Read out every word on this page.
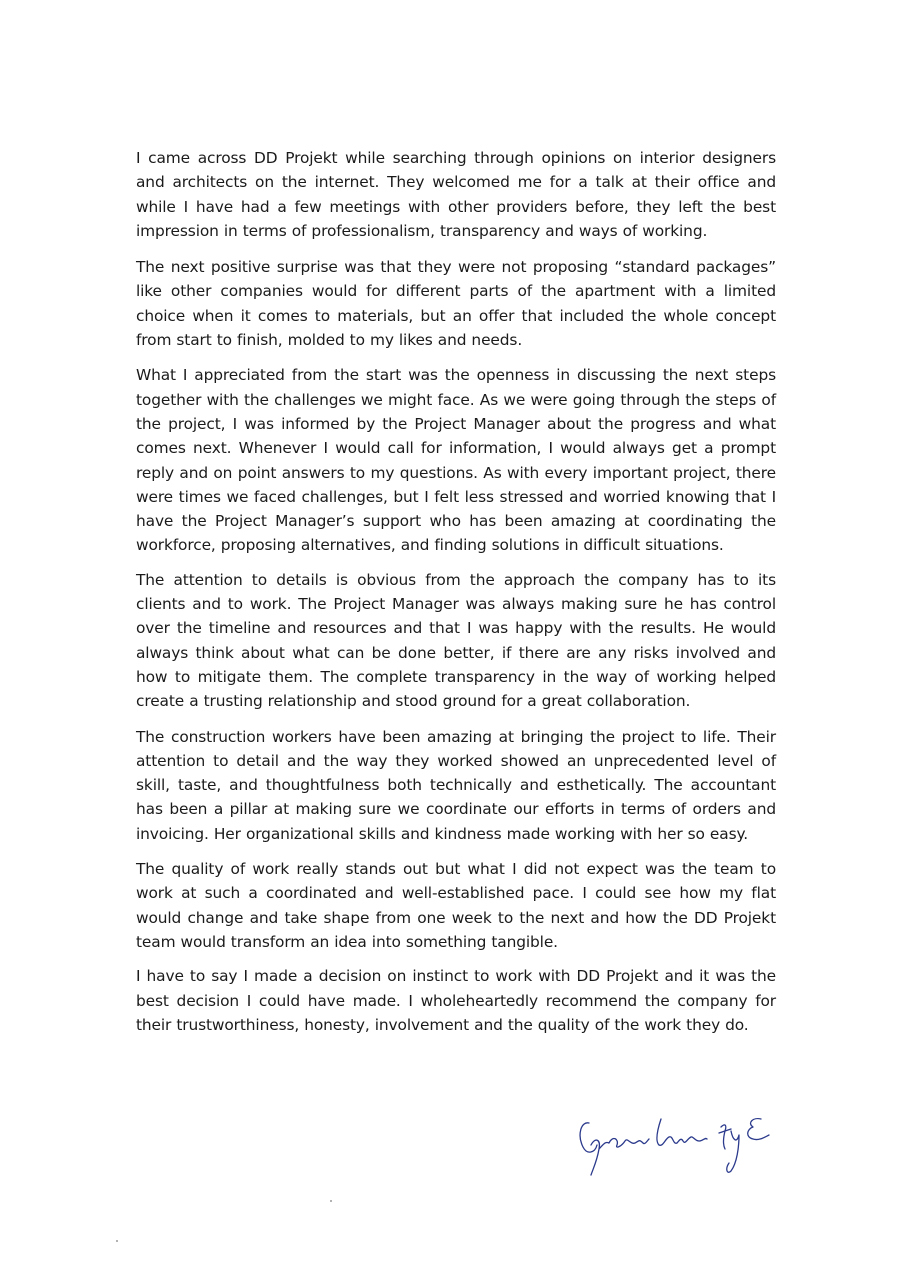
I came across DD Projekt while searching through opinions on interior designers and architects on the internet. They welcomed me for a talk at their office and while I have had a few meetings with other providers before, they left the best impression in terms of professionalism, transparency and ways of working.

The next positive surprise was that they were not proposing “standard packages” like other companies would for different parts of the apartment with a limited choice when it comes to materials, but an offer that included the whole concept from start to finish, molded to my likes and needs.

What I appreciated from the start was the openness in discussing the next steps together with the challenges we might face. As we were going through the steps of the project, I was informed by the Project Manager about the progress and what comes next. Whenever I would call for information, I would always get a prompt reply and on point answers to my questions. As with every important project, there were times we faced challenges, but I felt less stressed and worried knowing that I have the Project Manager’s support who has been amazing at coordinating the workforce, proposing alternatives, and finding solutions in difficult situations.

The attention to details is obvious from the approach the company has to its clients and to work. The Project Manager was always making sure he has control over the timeline and resources and that I was happy with the results. He would always think about what can be done better, if there are any risks involved and how to mitigate them. The complete transparency in the way of working helped create a trusting relationship and stood ground for a great collaboration.

The construction workers have been amazing at bringing the project to life. Their attention to detail and the way they worked showed an unprecedented level of skill, taste, and thoughtfulness both technically and esthetically. The accountant has been a pillar at making sure we coordinate our efforts in terms of orders and invoicing. Her organizational skills and kindness made working with her so easy.

The quality of work really stands out but what I did not expect was the team to work at such a coordinated and well-established pace. I could see how my flat would change and take shape from one week to the next and how the DD Projekt team would transform an idea into something tangible.

I have to say I made a decision on instinct to work with DD Projekt and it was the best decision I could have made. I wholeheartedly recommend the company for their trustworthiness, honesty, involvement and the quality of the work they do.
